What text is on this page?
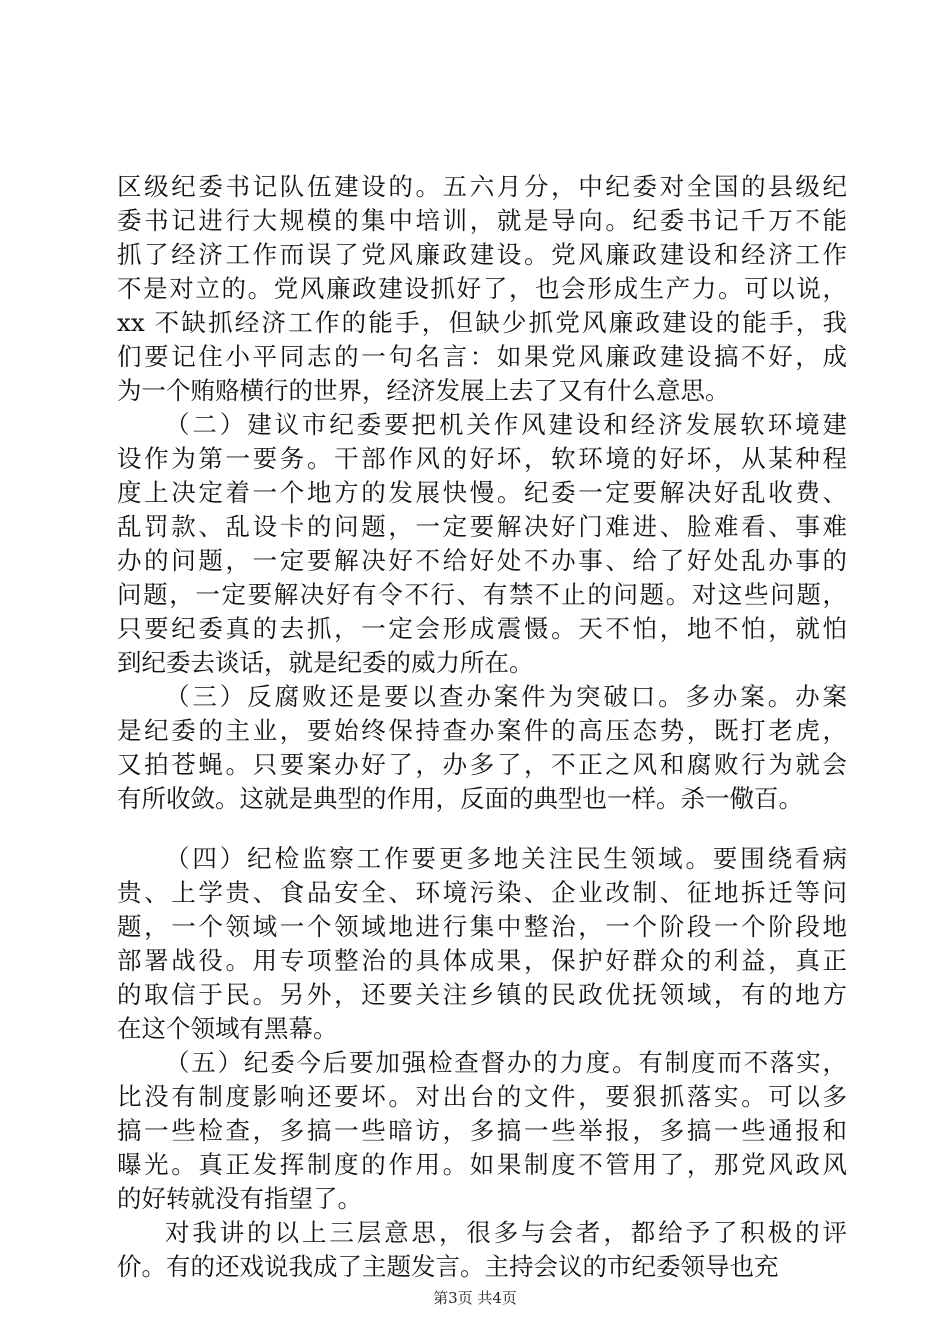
区级纪委书记队伍建设的。五六月分，中纪委对全国的县级纪
委书记进行大规模的集中培训，就是导向。纪委书记千万不能
抓了经济工作而误了党风廉政建设。党风廉政建设和经济工作
不是对立的。党风廉政建设抓好了，也会形成生产力。可以说，
xx 不缺抓经济工作的能手，但缺少抓党风廉政建设的能手，我
们要记住小平同志的一句名言：如果党风廉政建设搞不好，成
为一个贿赂横行的世界，经济发展上去了又有什么意思。
（二）建议市纪委要把机关作风建设和经济发展软环境建
设作为第一要务。干部作风的好坏，软环境的好坏，从某种程
度上决定着一个地方的发展快慢。纪委一定要解决好乱收费、
乱罚款、乱设卡的问题，一定要解决好门难进、脸难看、事难
办的问题，一定要解决好不给好处不办事、给了好处乱办事的
问题，一定要解决好有令不行、有禁不止的问题。对这些问题，
只要纪委真的去抓，一定会形成震慑。天不怕，地不怕，就怕
到纪委去谈话，就是纪委的威力所在。
（三）反腐败还是要以查办案件为突破口。多办案。办案
是纪委的主业，要始终保持查办案件的高压态势，既打老虎，
又拍苍蝇。只要案办好了，办多了，不正之风和腐败行为就会
有所收敛。这就是典型的作用，反面的典型也一样。杀一儆百。
（四）纪检监察工作要更多地关注民生领域。要围绕看病
贵、上学贵、食品安全、环境污染、企业改制、征地拆迁等问
题，一个领域一个领域地进行集中整治，一个阶段一个阶段地
部署战役。用专项整治的具体成果，保护好群众的利益，真正
的取信于民。另外，还要关注乡镇的民政优抚领域，有的地方
在这个领域有黑幕。
（五）纪委今后要加强检查督办的力度。有制度而不落实，
比没有制度影响还要坏。对出台的文件，要狠抓落实。可以多
搞一些检查，多搞一些暗访，多搞一些举报，多搞一些通报和
曝光。真正发挥制度的作用。如果制度不管用了，那党风政风
的好转就没有指望了。
对我讲的以上三层意思，很多与会者，都给予了积极的评
价。有的还戏说我成了主题发言。主持会议的市纪委领导也充
第3页 共4页
